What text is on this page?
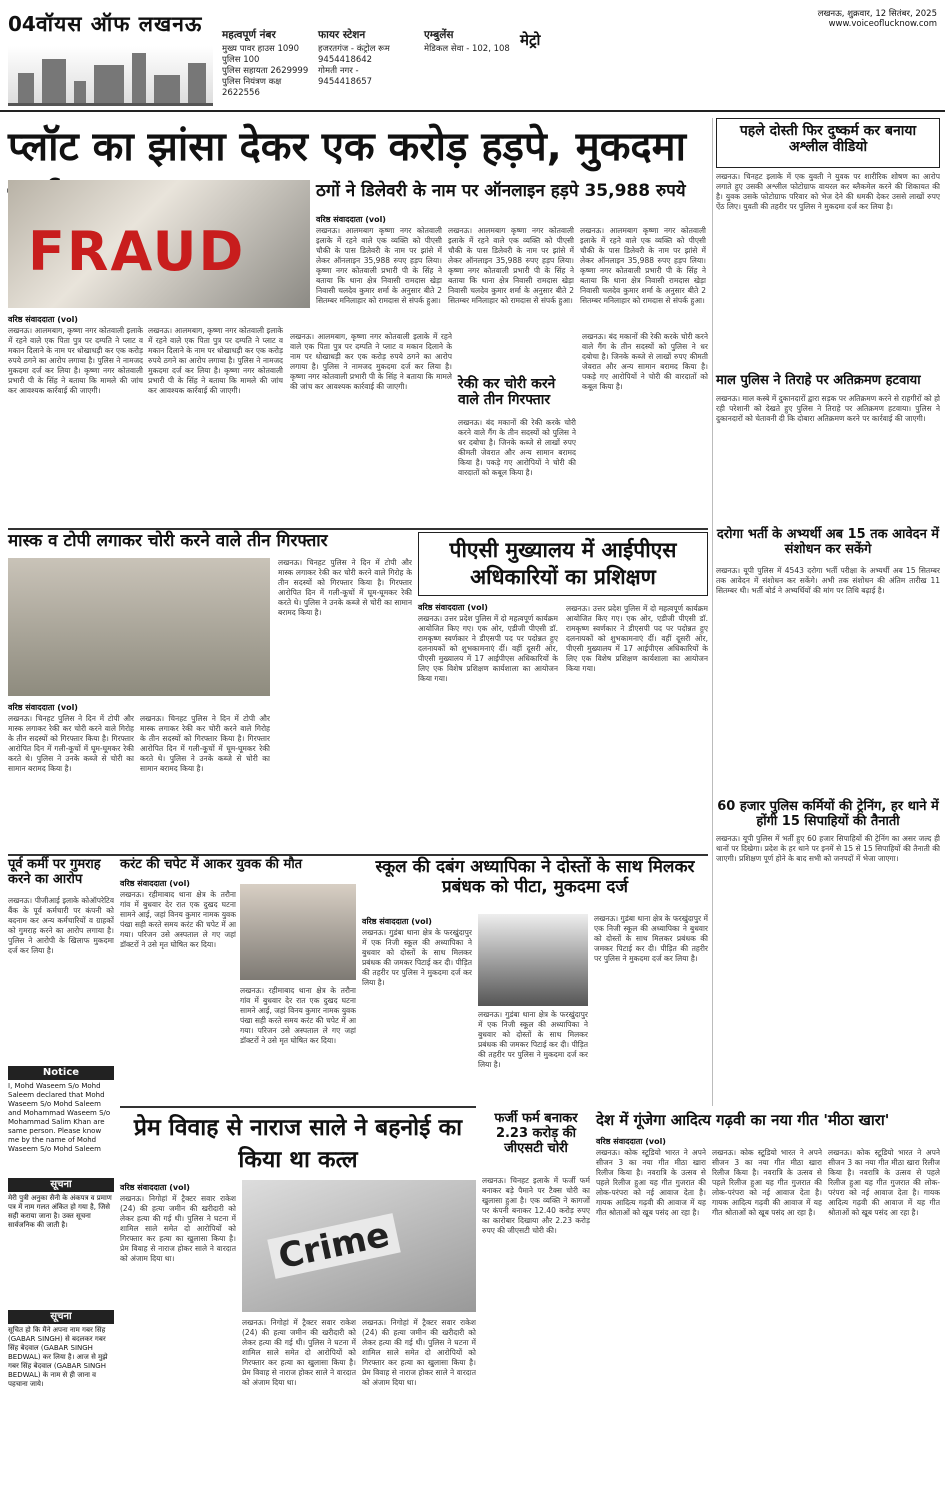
04 वॉयस ऑफ लखनऊ महत्वपूर्ण नंबर
मुख्य पावर हाउस 1090
पुलिस 100
पुलिस सहायता 2629999
पुलिस नियंत्रण कक्ष 2622556
फायर स्टेशन
हजरतगंज - कंट्रोल रूम
9454418642
गोमती नगर - 9454418657
एम्बुलेंस
मेडिकल सेवा - 102, 108 मेट्रो
लखनऊ, शुक्रवार, 12 सितंबर, 2025
www.voiceoflucknow.com
प्लॉट का झांसा देकर एक करोड़ हड़पे, मुकदमा
FRAUD
वरिष्ठ संवाददाता (vol)
लखनऊ। आलमबाग, कृष्णा नगर कोतवाली इलाके में रहने वाले एक पिता पुत्र पर दम्पति ने प्लाट व मकान दिलाने के नाम पर धोखाधड़ी कर एक करोड़ रुपये ठगने का आरोप लगाया है। पुलिस ने नामजद मुकदमा दर्ज कर लिया है। कृष्णा नगर कोतवाली प्रभारी पी के सिंह ने बताया कि मामले की जांच कर आवश्यक कार्रवाई की जाएगी।
लखनऊ। आलमबाग, कृष्णा नगर कोतवाली इलाके में रहने वाले एक पिता पुत्र पर दम्पति ने प्लाट व मकान दिलाने के नाम पर धोखाधड़ी कर एक करोड़ रुपये ठगने का आरोप लगाया है। पुलिस ने नामजद मुकदमा दर्ज कर लिया है। कृष्णा नगर कोतवाली प्रभारी पी के सिंह ने बताया कि मामले की जांच कर आवश्यक कार्रवाई की जाएगी।
ठगों ने डिलेवरी के नाम पर ऑनलाइन हड़पे 35,988 रुपये
वरिष्ठ संवाददाता (vol)
लखनऊ। आलमबाग कृष्णा नगर कोतवाली इलाके में रहने वाले एक व्यक्ति को पीएसी चौकी के पास डिलेवरी के नाम पर झांसे में लेकर ऑनलाइन 35,988 रुपए हड़प लिया। कृष्णा नगर कोतवाली प्रभारी पी के सिंह ने बताया कि थाना क्षेत्र निवासी रामदास खेड़ा निवासी चलदेव कुमार शर्मा के अनुसार बीते 2 सितम्बर मनिलाहार को रामदास से संपर्क हुआ।
लखनऊ। आलमबाग कृष्णा नगर कोतवाली इलाके में रहने वाले एक व्यक्ति को पीएसी चौकी के पास डिलेवरी के नाम पर झांसे में लेकर ऑनलाइन 35,988 रुपए हड़प लिया। कृष्णा नगर कोतवाली प्रभारी पी के सिंह ने बताया कि थाना क्षेत्र निवासी रामदास खेड़ा निवासी चलदेव कुमार शर्मा के अनुसार बीते 2 सितम्बर मनिलाहार को रामदास से संपर्क हुआ।
लखनऊ। आलमबाग कृष्णा नगर कोतवाली इलाके में रहने वाले एक व्यक्ति को पीएसी चौकी के पास डिलेवरी के नाम पर झांसे में लेकर ऑनलाइन 35,988 रुपए हड़प लिया। कृष्णा नगर कोतवाली प्रभारी पी के सिंह ने बताया कि थाना क्षेत्र निवासी रामदास खेड़ा निवासी चलदेव कुमार शर्मा के अनुसार बीते 2 सितम्बर मनिलाहार को रामदास से संपर्क हुआ।
लखनऊ। आलमबाग, कृष्णा नगर कोतवाली इलाके में रहने वाले एक पिता पुत्र पर दम्पति ने प्लाट व मकान दिलाने के नाम पर धोखाधड़ी कर एक करोड़ रुपये ठगने का आरोप लगाया है। पुलिस ने नामजद मुकदमा दर्ज कर लिया है। कृष्णा नगर कोतवाली प्रभारी पी के सिंह ने बताया कि मामले की जांच कर आवश्यक कार्रवाई की जाएगी।	रेकी कर चोरी करने वाले तीन गिरफ्तार
लखनऊ। बंद मकानों की रेकी करके चोरी करने वाले गैंग के तीन सदस्यों को पुलिस ने धर दबोचा है। जिनके कब्जे से लाखों रुपए कीमती जेवरात और अन्य सामान बरामद किया है। पकड़े गए आरोपियों ने चोरी की वारदातों को कबूल किया है।
लखनऊ। बंद मकानों की रेकी करके चोरी करने वाले गैंग के तीन सदस्यों को पुलिस ने धर दबोचा है। जिनके कब्जे से लाखों रुपए कीमती जेवरात और अन्य सामान बरामद किया है। पकड़े गए आरोपियों ने चोरी की वारदातों को कबूल किया है।
पहले दोस्ती फिर दुष्कर्म कर बनाया अश्लील वीडियो
लखनऊ। चिनहट इलाके में एक युवती ने युवक पर शारीरिक शोषण का आरोप लगाते हुए उसकी अश्लील फोटोग्राफ वायरल कर ब्लैकमेल करने की शिकायत की है। युवक उसके फोटोग्राफ परिवार को भेज देने की धमकी देकर उससे लाखों रुपए ऐंठ लिए। युवती की तहरीर पर पुलिस ने मुकदमा दर्ज कर लिया है।
माल पुलिस ने तिराहे पर अतिक्रमण हटवाया
लखनऊ। माल कस्बे में दुकानदारों द्वारा सड़क पर अतिक्रमण करने से राहगीरों को हो रही परेशानी को देखते हुए पुलिस ने तिराहे पर अतिक्रमण हटवाया। पुलिस ने दुकानदारों को चेतावनी दी कि दोबारा अतिक्रमण करने पर कार्रवाई की जाएगी।
दरोगा भर्ती के अभ्यर्थी अब 15 तक आवेदन में संशोधन कर सकेंगे
लखनऊ। यूपी पुलिस में 4543 दरोगा भर्ती परीक्षा के अभ्यर्थी अब 15 सितम्बर तक आवेदन में संशोधन कर सकेंगे। अभी तक संशोधन की अंतिम तारीख 11 सितम्बर थी। भर्ती बोर्ड ने अभ्यर्थियों की मांग पर तिथि बढ़ाई है।
60 हजार पुलिस कर्मियों की ट्रेनिंग, हर थाने में होंगी 15 सिपाहियों की तैनाती
लखनऊ। यूपी पुलिस में भर्ती हुए 60 हजार सिपाहियों की ट्रेनिंग का असर जल्द ही थानों पर दिखेगा। प्रदेश के हर थाने पर इनमें से 15 से 15 सिपाहियों की तैनाती की जाएगी। प्रशिक्षण पूर्ण होने के बाद सभी को जनपदों में भेजा जाएगा।
मास्क व टोपी लगाकर चोरी करने वाले तीन गिरफ्तार
वरिष्ठ संवाददाता (vol)
लखनऊ। चिनहट पुलिस ने दिन में टोपी और मास्क लगाकर रेकी कर चोरी करने वाले गिरोह के तीन सदस्यों को गिरफ्तार किया है। गिरफ्तार आरोपित दिन में गली-कूचों में घूम-घूमकर रेकी करते थे। पुलिस ने उनके कब्जे से चोरी का सामान बरामद किया है।
लखनऊ। चिनहट पुलिस ने दिन में टोपी और मास्क लगाकर रेकी कर चोरी करने वाले गिरोह के तीन सदस्यों को गिरफ्तार किया है। गिरफ्तार आरोपित दिन में गली-कूचों में घूम-घूमकर रेकी करते थे। पुलिस ने उनके कब्जे से चोरी का सामान बरामद किया है।
लखनऊ। चिनहट पुलिस ने दिन में टोपी और मास्क लगाकर रेकी कर चोरी करने वाले गिरोह के तीन सदस्यों को गिरफ्तार किया है। गिरफ्तार आरोपित दिन में गली-कूचों में घूम-घूमकर रेकी करते थे। पुलिस ने उनके कब्जे से चोरी का सामान बरामद किया है।
पीएसी मुख्यालय में आईपीएस अधिकारियों का प्रशिक्षण
वरिष्ठ संवाददाता (vol)
लखनऊ। उत्तर प्रदेश पुलिस में दो महत्वपूर्ण कार्यक्रम आयोजित किए गए। एक ओर, एडीजी पीएसी डॉ. रामकृष्ण स्वर्णकार ने डीएसपी पद पर पदोन्नत हुए दलनायकों को शुभकामनाएं दीं। वहीं दूसरी ओर, पीएसी मुख्यालय में 17 आईपीएस अधिकारियों के लिए एक विशेष प्रशिक्षण कार्यशाला का आयोजन किया गया।
लखनऊ। उत्तर प्रदेश पुलिस में दो महत्वपूर्ण कार्यक्रम आयोजित किए गए। एक ओर, एडीजी पीएसी डॉ. रामकृष्ण स्वर्णकार ने डीएसपी पद पर पदोन्नत हुए दलनायकों को शुभकामनाएं दीं। वहीं दूसरी ओर, पीएसी मुख्यालय में 17 आईपीएस अधिकारियों के लिए एक विशेष प्रशिक्षण कार्यशाला का आयोजन किया गया।
पूर्व कर्मी पर गुमराह करने का आरोप
लखनऊ। पीजीआई इलाके कोऑपरेटिव बैंक के पूर्व कर्मचारी पर कंपनी को बदनाम कर अन्य कर्मचारियों व ग्राहकों को गुमराह करने का आरोप लगाया है। पुलिस ने आरोपी के खिलाफ मुकदमा दर्ज कर लिया है।
Notice
I, Mohd Waseem S/o Mohd Saleem declared that Mohd Waseem S/o Mohd Saleem and Mohammad Waseem S/o Mohammad Salim Khan are same person. Please know me by the name of Mohd Waseem S/o Mohd Saleem
सूचना
मेरी पुत्री अनुका सैनी के अंकपत्र व प्रमाण पत्र में नाम गलत अंकित हो गया है, जिसे सही कराया जाना है। उक्त सूचना सार्वजनिक की जाती है।
सूचना
सूचित हो कि मैंने अपना नाम गबर सिंह (GABAR SINGH) से बदलकर गबर सिंह बेदवाल (GABAR SINGH BEDWAL) कर लिया है। आज से मुझे गबर सिंह बेदवाल (GABAR SINGH BEDWAL) के नाम से ही जाना व पहचाना जाये।
करंट की चपेट में आकर युवक की मौत
वरिष्ठ संवाददाता (vol)
लखनऊ। रहीमाबाद थाना क्षेत्र के तरौना गांव में बुधवार देर रात एक दुखद घटना सामने आई, जहां विनय कुमार नामक युवक पंखा सही करते समय करंट की चपेट में आ गया। परिजन उसे अस्पताल ले गए जहां डॉक्टरों ने उसे मृत घोषित कर दिया।
लखनऊ। रहीमाबाद थाना क्षेत्र के तरौना गांव में बुधवार देर रात एक दुखद घटना सामने आई, जहां विनय कुमार नामक युवक पंखा सही करते समय करंट की चपेट में आ गया। परिजन उसे अस्पताल ले गए जहां डॉक्टरों ने उसे मृत घोषित कर दिया।
स्कूल की दबंग अध्यापिका ने दोस्तों के साथ मिलकर प्रबंधक को पीटा, मुकदमा दर्ज
वरिष्ठ संवाददाता (vol)
लखनऊ। गुडंबा थाना क्षेत्र के फरखुंदापुर में एक निजी स्कूल की अध्यापिका ने बुधवार को दोस्तों के साथ मिलकर प्रबंधक की जमकर पिटाई कर दी। पीड़ित की तहरीर पर पुलिस ने मुकदमा दर्ज कर लिया है।
लखनऊ। गुडंबा थाना क्षेत्र के फरखुंदापुर में एक निजी स्कूल की अध्यापिका ने बुधवार को दोस्तों के साथ मिलकर प्रबंधक की जमकर पिटाई कर दी। पीड़ित की तहरीर पर पुलिस ने मुकदमा दर्ज कर लिया है।
लखनऊ। गुडंबा थाना क्षेत्र के फरखुंदापुर में एक निजी स्कूल की अध्यापिका ने बुधवार को दोस्तों के साथ मिलकर प्रबंधक की जमकर पिटाई कर दी। पीड़ित की तहरीर पर पुलिस ने मुकदमा दर्ज कर लिया है।
प्रेम विवाह से नाराज साले ने बहनोई का किया था कत्ल
वरिष्ठ संवाददाता (vol)
लखनऊ। निगोहां में ट्रैक्टर सवार राकेश (24) की हत्या जमीन की खरीदारी को लेकर हत्या की गई थी। पुलिस ने घटना में शामिल साले समेत दो आरोपियों को गिरफ्तार कर हत्या का खुलासा किया है। प्रेम विवाह से नाराज होकर साले ने वारदात को अंजाम दिया था।	Crime
लखनऊ। निगोहां में ट्रैक्टर सवार राकेश (24) की हत्या जमीन की खरीदारी को लेकर हत्या की गई थी। पुलिस ने घटना में शामिल साले समेत दो आरोपियों को गिरफ्तार कर हत्या का खुलासा किया है। प्रेम विवाह से नाराज होकर साले ने वारदात को अंजाम दिया था।
लखनऊ। निगोहां में ट्रैक्टर सवार राकेश (24) की हत्या जमीन की खरीदारी को लेकर हत्या की गई थी। पुलिस ने घटना में शामिल साले समेत दो आरोपियों को गिरफ्तार कर हत्या का खुलासा किया है। प्रेम विवाह से नाराज होकर साले ने वारदात को अंजाम दिया था।
फर्जी फर्म बनाकर 2.23 करोड़ की जीएसटी चोरी
लखनऊ। चिनहट इलाके में फर्जी फर्म बनाकर बड़े पैमाने पर टैक्स चोरी का खुलासा हुआ है। एक व्यक्ति ने कागजों पर कंपनी बनाकर 12.40 करोड़ रुपए का कारोबार दिखाया और 2.23 करोड़ रुपए की जीएसटी चोरी की।
देश में गूंजेगा आदित्य गढ़वी का नया गीत 'मीठा खारा'
वरिष्ठ संवाददाता (vol)
लखनऊ। कोक स्टूडियो भारत ने अपने सीजन 3 का नया गीत मीठा खारा रिलीज किया है। नवरात्रि के उत्सव से पहले रिलीज हुआ यह गीत गुजरात की लोक-परंपरा को नई आवाज देता है। गायक आदित्य गढ़वी की आवाज में यह गीत श्रोताओं को खूब पसंद आ रहा है।
लखनऊ। कोक स्टूडियो भारत ने अपने सीजन 3 का नया गीत मीठा खारा रिलीज किया है। नवरात्रि के उत्सव से पहले रिलीज हुआ यह गीत गुजरात की लोक-परंपरा को नई आवाज देता है। गायक आदित्य गढ़वी की आवाज में यह गीत श्रोताओं को खूब पसंद आ रहा है।
लखनऊ। कोक स्टूडियो भारत ने अपने सीजन 3 का नया गीत मीठा खारा रिलीज किया है। नवरात्रि के उत्सव से पहले रिलीज हुआ यह गीत गुजरात की लोक-परंपरा को नई आवाज देता है। गायक आदित्य गढ़वी की आवाज में यह गीत श्रोताओं को खूब पसंद आ रहा है।
